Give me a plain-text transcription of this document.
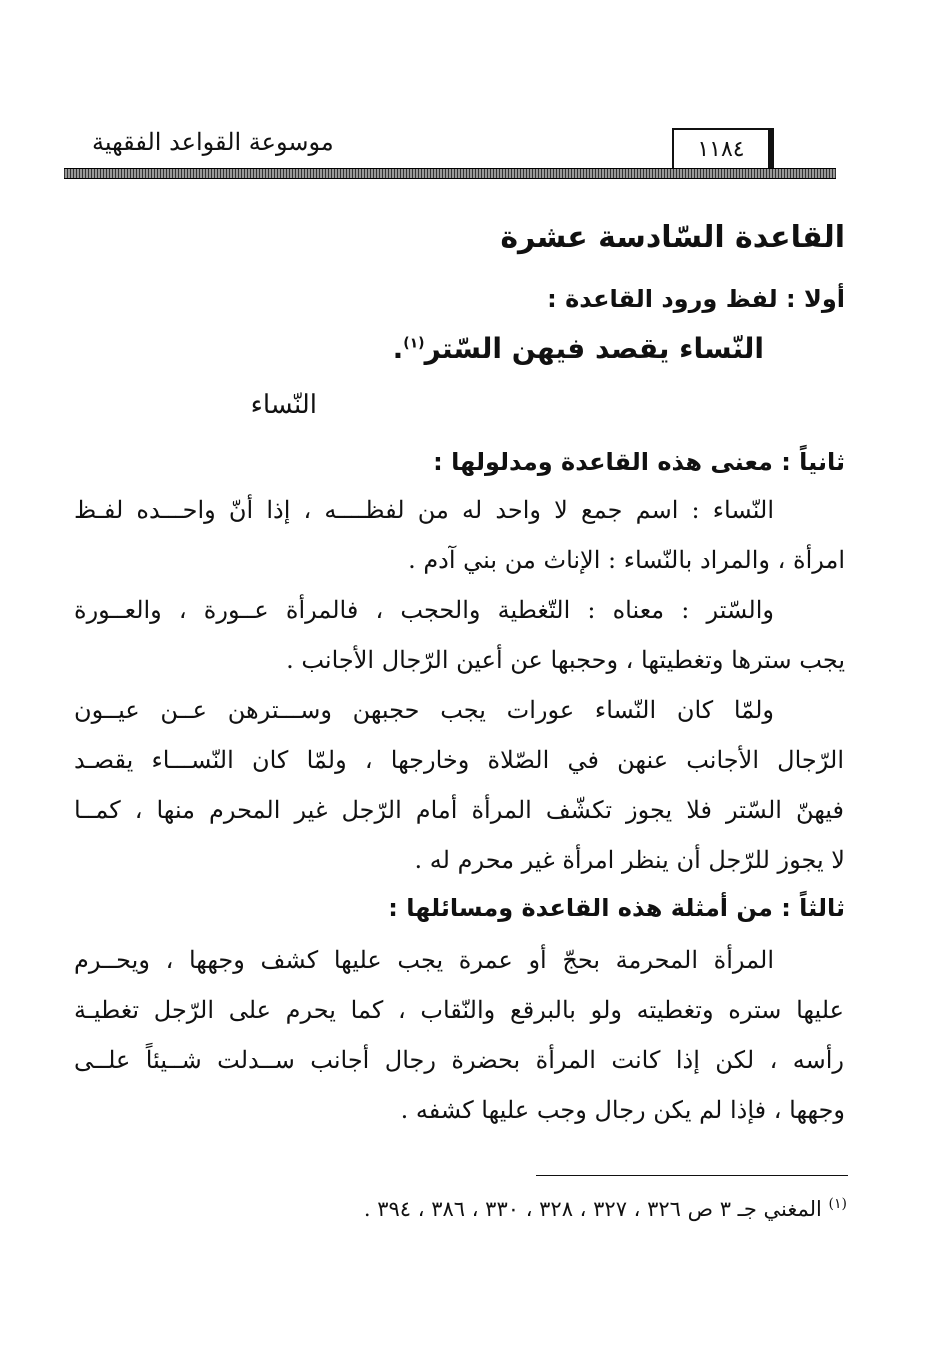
موسوعة القواعد الفقهية	١١٨٤
القاعدة السّادسة عشرة
أولا : لفظ ورود القاعدة :
النّساء يقصد فيهن السّتر$^{(١)}$.
النّساء
ثانياً : معنى هذه القاعدة ومدلولها :
النّساء : اسم جمع لا واحد له من لفظــــه ، إذا أنّ واحـــده لفـظ
امرأة ، والمراد بالنّساء : الإناث من بني آدم .
والسّتر : معناه : التّغطية والحجب ، فالمرأة عــورة ، والعــورة
يجب سترها وتغطيتها ، وحجبها عن أعين الرّجال الأجانب .
ولمّا كان النّساء عورات يجب حجبهن وســـترهن عــن عيــون
الرّجال الأجانب عنهن في الصّلاة وخارجها ، ولمّا كان النّســـاء يقصـد
فيهنّ السّتر فلا يجوز تكشّف المرأة أمام الرّجل غير المحرم منها ، كمــا
لا يجوز للرّجل أن ينظر امرأة غير محرم له .
ثالثاً : من أمثلة هذه القاعدة ومسائلها :
المرأة المحرمة بحجّ أو عمرة يجب عليها كشف وجهها ، ويحــرم
عليها ستره وتغطيته ولو بالبرقع والنّقاب ، كما يحرم على الرّجل تغطيـة
رأسه ، لكن إذا كانت المرأة بحضرة رجال أجانب ســدلت شــيئاً علــى
وجهها ، فإذا لم يكن رجال وجب عليها كشفه .
$^{(١)}$ المغني جـ ٣ ص ٣٢٦ ، ٣٢٧ ، ٣٢٨ ، ٣٣٠ ، ٣٨٦ ، ٣٩٤ .
